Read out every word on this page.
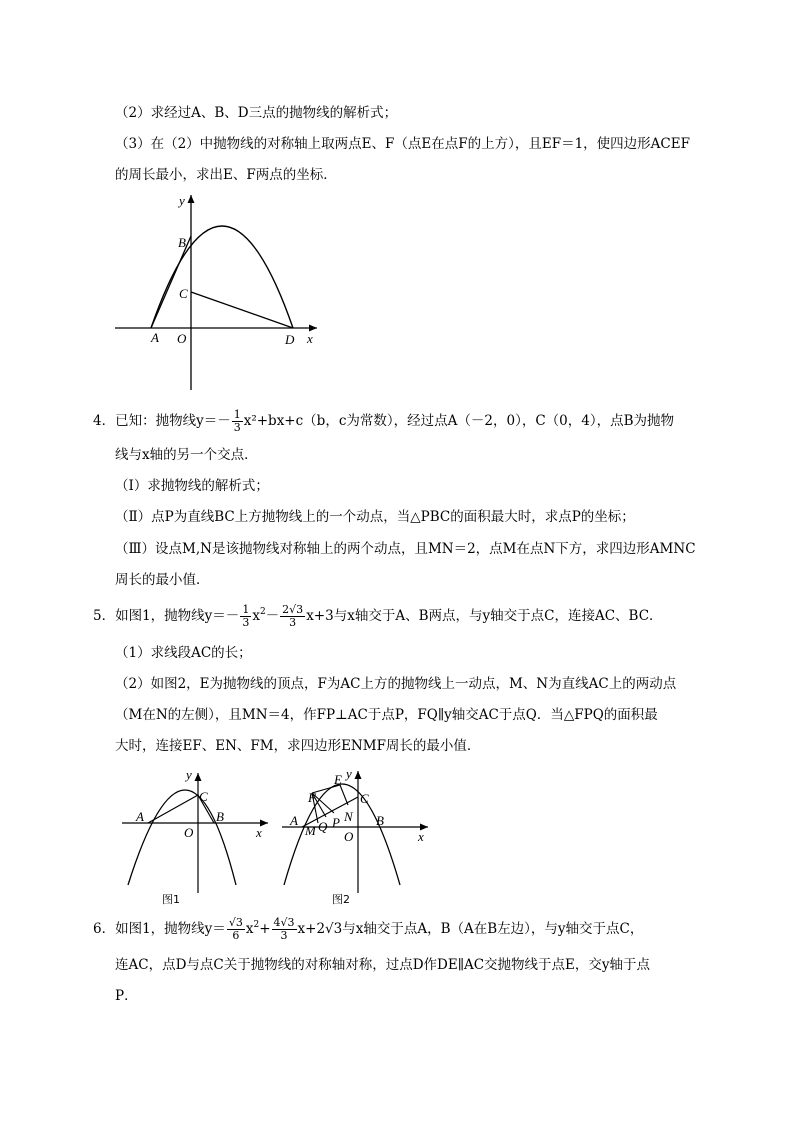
（2）求经过A、B、D三点的抛物线的解析式；
（3）在（2）中抛物线的对称轴上取两点E、F（点E在点F的上方），且EF＝1，使四边形ACEF
的周长最小，求出E、F两点的坐标．
y
B
C
A O	D x
4．已知：抛物线$y=- \frac{1}{3} x^2+bx+c(b$，c为常数），经过点A（－2，0），C（0，4），点B为抛物
线与x轴的另一个交点．
（Ⅰ）求抛物线的解析式；
（Ⅱ）点P为直线BC上方抛物线上的一个动点，当△PBC的面积最大时，求点P的坐标；
（Ⅲ）设点M,N是该抛物线对称轴上的两个动点，且MN＝2，点M在点N下方，求四边形AMNC
周长的最小值．
5．如图1，抛物线$y=- \frac{1}{3} x^2- \frac{2√3}{3} x+3$与x轴交于A、B两点，与y轴交于点C，连接AC、BC．
（1）求线段AC的长；
（2）如图2，E为抛物线的顶点，F为AC上方的抛物线上一动点，M、N为直线AC上的两动点
（M在N的左侧），且MN＝4，作FP⊥AC于点P，FQ∥y轴交AC于点Q．当△FPQ的面积最
大时，连接EF、EN、FM，求四边形ENMF周长的最小值．
y
C
A	B
O	x
图1
y
E
F	C
A
M Q P N B
O	x
图2
6．如图1，抛物线$y= \frac{√3}{6} x^2+ \frac{4√3}{3} x+2√3$与x轴交于点A，B（A在B左边），与y轴交于点C，
连AC，点D与点C关于抛物线的对称轴对称，过点D作DE∥AC交抛物线于点E，交y轴于点
P．
